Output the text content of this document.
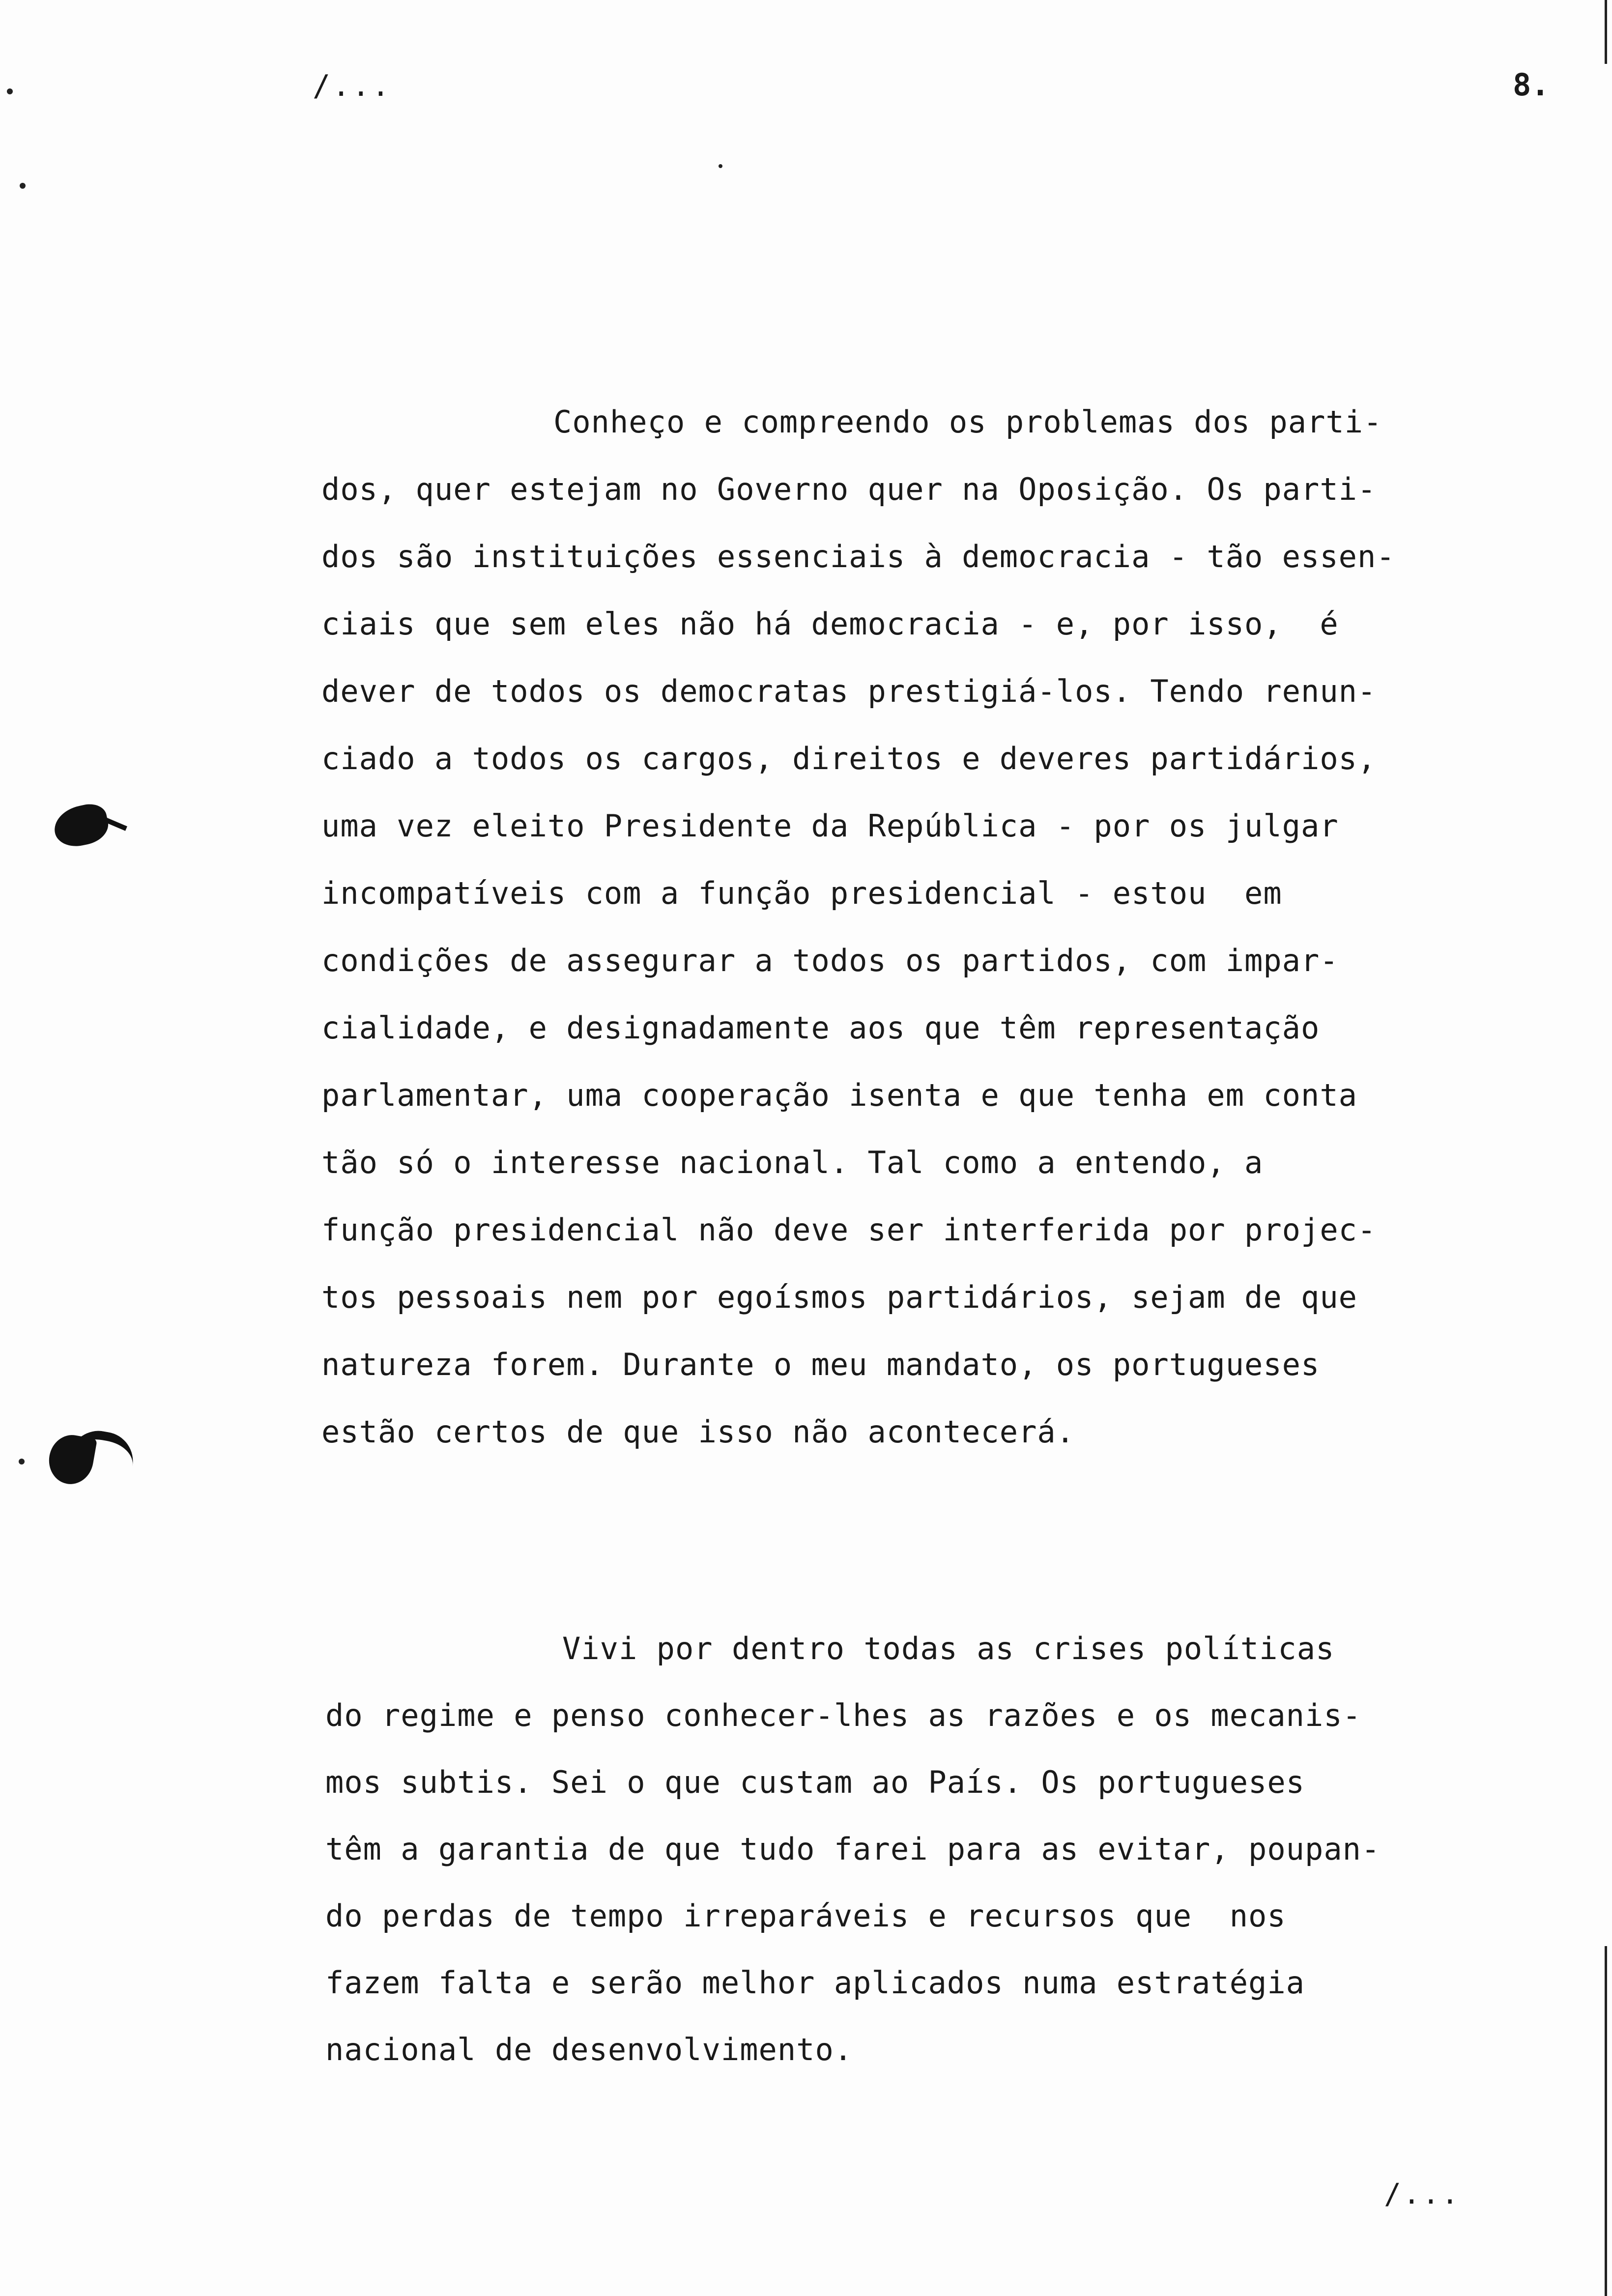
/...	8.
Conheço e compreendo os problemas dos parti-
dos, quer estejam no Governo quer na Oposição. Os parti-
dos são instituições essenciais à democracia - tão essen-
ciais que sem eles não há democracia - e, por isso,  é
dever de todos os democratas prestigiá-los. Tendo renun-
ciado a todos os cargos, direitos e deveres partidários,
uma vez eleito Presidente da República - por os julgar
incompatíveis com a função presidencial - estou  em
condições de assegurar a todos os partidos, com impar-
cialidade, e designadamente aos que têm representação
parlamentar, uma cooperação isenta e que tenha em conta
tão só o interesse nacional. Tal como a entendo, a
função presidencial não deve ser interferida por projec-
tos pessoais nem por egoísmos partidários, sejam de que
natureza forem. Durante o meu mandato, os portugueses
estão certos de que isso não acontecerá.
Vivi por dentro todas as crises políticas
do regime e penso conhecer-lhes as razões e os mecanis-
mos subtis. Sei o que custam ao País. Os portugueses
têm a garantia de que tudo farei para as evitar, poupan-
do perdas de tempo irreparáveis e recursos que  nos
fazem falta e serão melhor aplicados numa estratégia
nacional de desenvolvimento.
/...
